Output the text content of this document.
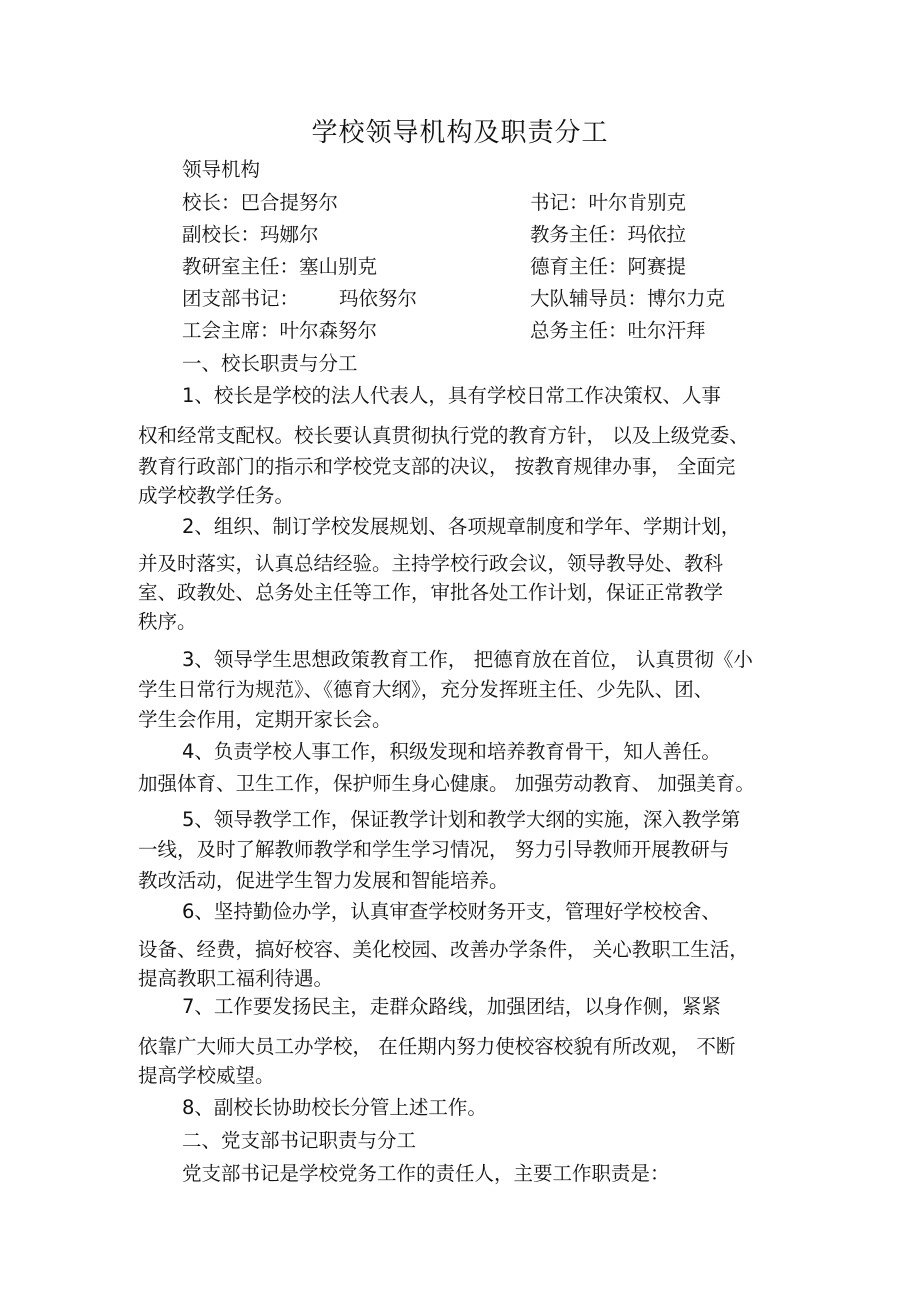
学校领导机构及职责分工
领导机构
校长：巴合提努尔	书记：叶尔肯别克
副校长：玛娜尔	教务主任：玛依拉
教研室主任：塞山别克	德育主任：阿赛提
团支部书记： 玛依努尔	大队辅导员：博尔力克
工会主席：叶尔森努尔	总务主任：吐尔汗拜
一、校长职责与分工
1、校长是学校的法人代表人，具有学校日常工作决策权、人事
权和经常支配权。校长要认真贯彻执行党的教育方针， 以及上级党委、
教育行政部门的指示和学校党支部的决议， 按教育规律办事， 全面完
成学校教学任务。
2、组织、制订学校发展规划、各项规章制度和学年、学期计划，
并及时落实，认真总结经验。主持学校行政会议，领导教导处、教科
室、政教处、总务处主任等工作，审批各处工作计划，保证正常教学
秩序。
3、领导学生思想政策教育工作， 把德育放在首位， 认真贯彻《小
学生日常行为规范》、《德育大纲》，充分发挥班主任、少先队、团、
学生会作用，定期开家长会。
4、负责学校人事工作，积级发现和培养教育骨干，知人善任。
加强体育、卫生工作，保护师生身心健康。 加强劳动教育、 加强美育。
5、领导教学工作，保证教学计划和教学大纲的实施，深入教学第
一线，及时了解教师教学和学生学习情况， 努力引导教师开展教研与
教改活动，促进学生智力发展和智能培养。
6、坚持勤俭办学，认真审查学校财务开支，管理好学校校舍、
设备、经费，搞好校容、美化校园、改善办学条件， 关心教职工生活，
提高教职工福利待遇。
7、工作要发扬民主，走群众路线，加强团结，以身作侧，紧紧
依靠广大师大员工办学校， 在任期内努力使校容校貌有所改观， 不断
提高学校威望。
8、副校长协助校长分管上述工作。
二、党支部书记职责与分工
党支部书记是学校党务工作的责任人，主要工作职责是：
